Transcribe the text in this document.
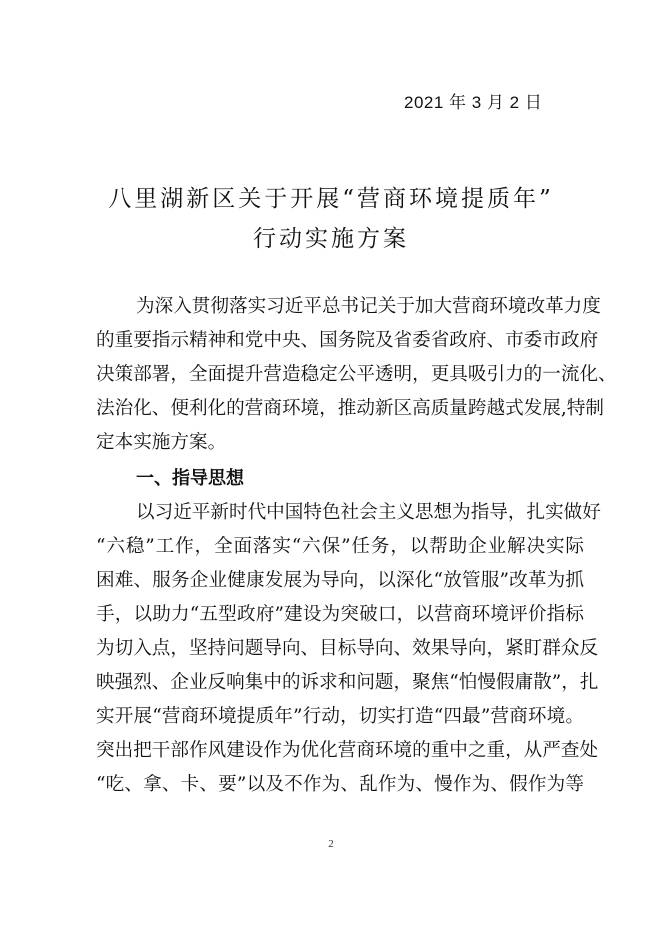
2021 年 3 月 2 日
八里湖新区关于开展“营商环境提质年”
行动实施方案
为深入贯彻落实习近平总书记关于加大营商环境改革力度
的重要指示精神和党中央、国务院及省委省政府、市委市政府
决策部署，全面提升营造稳定公平透明，更具吸引力的一流化、
法治化、便利化的营商环境，推动新区高质量跨越式发展,特制
定本实施方案。
一、指导思想
以习近平新时代中国特色社会主义思想为指导，扎实做好
“六稳”工作，全面落实“六保”任务，以帮助企业解决实际
困难、服务企业健康发展为导向，以深化“放管服”改革为抓
手，以助力“五型政府”建设为突破口，以营商环境评价指标
为切入点，坚持问题导向、目标导向、效果导向，紧盯群众反
映强烈、企业反响集中的诉求和问题，聚焦“怕慢假庸散”，扎
实开展“营商环境提质年”行动，切实打造“四最”营商环境。
突出把干部作风建设作为优化营商环境的重中之重，从严查处
“吃、拿、卡、要”以及不作为、乱作为、慢作为、假作为等
2
